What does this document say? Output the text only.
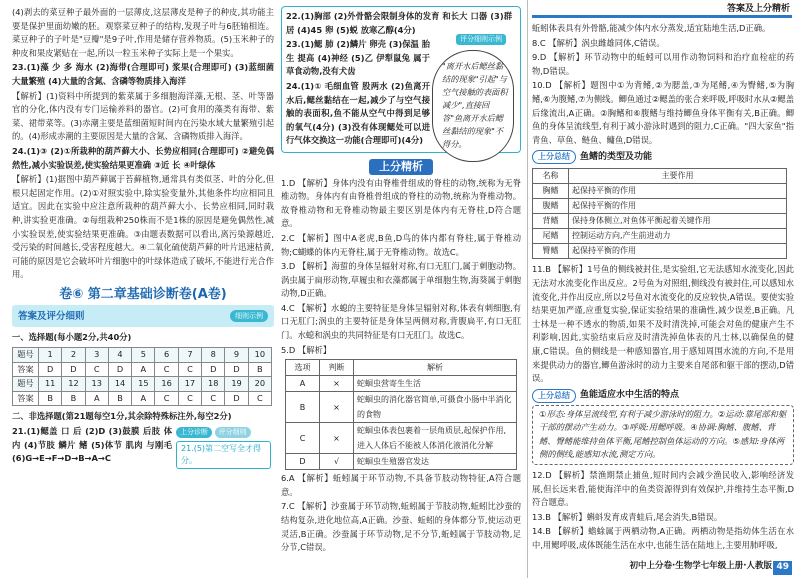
答案及上分精析

(4)剥去的菜豆种子最外面的一层薄皮,这层薄皮是种子的种皮,其功能主要是保护里面幼嫩的胚。观察菜豆种子的结构,发现子叶与6胚轴相连。菜豆种子的子叶是"豆瓣"是9子叶,作用是储存营养物质。(5)玉米种子的种皮和果皮紧贴在一起,所以一粒玉米种子实际上是一个果实。

23.(1)藻 少 多 海水 (2)海带(合理即可) 浆果(合理即可) (3)蓝细菌 大量繁殖 (4)大量的含氮、含磷等物质排入海洋

【解析】(1)资料中所提到的紫菜属于多细胞海洋藻,无根、茎、叶等器官的分化,体内没有专门运输养料的器官。(2)可食用的藻类有海带、紫菜、裙带菜等。(3)赤潮主要是蓝细菌短时间内在污染水域大量繁殖引起的。(4)形成赤潮的主要原因是大量的含氮、含磷物质排入海洋。

24.(1)③ (2)①所栽种的葫芦藓大小、长势应相同(合理即可) ②避免偶然性,减小实验误差,使实验结果更准确 ③近 长 ④叶绿体

【解析】(1)据图中葫芦藓属于苔藓植物,通常具有类似茎、叶的分化,但根只起固定作用。(2)①对照实验中,除实验变量外,其他条件均应相同且适宜。因此在实验中应注意所栽种的葫芦藓大小、长势应相同,同时栽种,讲实验更准确。②每组栽种250株而不是1株的原因是避免偶然性,减小实验误差,使实验结果更准确。③由题表数据可以看出,离污染源越近,受污染的时间越长,受害程度越大。④二氧化硫使葫芦藓的叶片迅速枯黄,可能的原因是它会破坏叶片细胞中的叶绿体造成了破坏,不能进行光合作用。

卷⑥ 第二章基础诊断卷(A卷)
答案及评分细则	细则示例

一、选择题(每小题2分,共40分)

题号	1	2	3	4	5	6	7	8	9	10
答案	D	D	C	D	A	C	C	D	D	B
题号	11	12	13	14	15	16	17	18	19	20
答案	B	B	A	B	A	C	C	C	D	C

二、非选择题(第21题每空1分,其余除特殊标注外,每空2分)

21.(1)鳃盖 口 后 (2)D (3)鼓膜 后肢 体内 (4)节肢 鳞片 鳍 (5)体节 肌肉 与刚毛 (6)G→E→F→D→B→A→C

上分诊断 评分细则
21.(5)第二空写全才得分。

22.(1)胸部 (2)外骨骼会限制身体的发育 和长大 口器 (3)群居 (4)45 卵 (5)蜕 放寒乙醇(4分)

23.(1)鳃 肺 (2)鳞片 卵壳 (3)保温 胎生 提高 (4)神经 (5)乙 伊犁鼠兔 属于草食动物,没有犬齿

24.(1)① 毛细血管 股两水 (2)鱼离开水后,鳃丝黏结在一起,减少了与空气接触的表面积,鱼不能从空气中得到足够的氧气(4分) (3)没有体现鳃处可以进行气体交换这一功能(合理即可)(4分)

评分细则示例
"离开水后鳃丝黏结的现象"引起"与空气接触的表面积减少",直接回答"鱼离开水后鳃丝黏结的现象"不得分。
上分精析

1.D 【解析】身体内没有由脊椎骨组成的脊柱的动物,统称为无脊椎动物。身体内有由脊椎骨组成的脊柱的动物,统称为脊椎动物。故脊椎动物和无脊椎动物最主要区别是体内有无脊柱,D符合题意。

2.C 【解析】图中A老虎,B鱼,D鸟的体内都有脊柱,属于脊椎动物;C蝴蝶的体内无脊柱,属于无脊椎动物。故选C。

3.D 【解析】海蜇的身体呈辐射对称,有口无肛门,属于刺胞动物。涡虫属于扁形动物,草履虫和衣藻都属于单细胞生物,海葵属于刺胞动物,D正确。

4.C 【解析】水螅的主要特征是身体呈辐射对称,体表有刺细胞,有口无肛门;涡虫的主要特征是身体呈两侧对称,背腹扁平,有口无肛门。水螅和涡虫的共同特征是有口无肛门。故选C。

5.D 【解析】

选项	判断	解析
A	×	蛇蛔虫营寄生生活
B	×	蛇蛔虫的消化器官简单,可摄食小肠中半消化的食物
C	×	蛇蛔虫体表包裹着一层角质层,起保护作用,进入人体后不能被人体消化液消化分解
D	√	蛇蛔虫生殖器官发达

6.A 【解析】蚯蚓属于环节动物,不具备节肢动物特征,A符合题意。

7.C 【解析】沙蚕属于环节动物,蚯蚓属于节肢动物,蚯蚓比沙蚕的结构复杂,进化地位高,A正确。沙蚕、蚯蚓的身体都分节,使运动更灵活,B正确。沙蚕属于环节动物,足不分节,蚯蚓属于节肢动物,足分节,C错误。

蚯蚓体表具有外骨骼,能减少体内水分蒸发,适宜陆地生活,D正确。

8.C 【解析】涡虫雌雄同体,C错误。

9.D 【解析】环节动物中的蚯蚓可以用作动物饲料和治疗血栓症的药物,D错误。

10.D 【解析】题图中①为背鳍,②为腮盖,③为尾鳍,④为臀鳍,⑤为胸鳍,⑥为腹鳍,⑦为侧线。鲫鱼通过②鳃盖的张合来呼吸,呼吸时水从②鳃盖后缘流出,A正确。②胸鳍和⑥腹鳍与维持鲫鱼身体平衡有关,B正确。鲫鱼的身体呈流线型,有利于减小游泳时遇到的阻力,C正确。"四大家鱼"指青鱼、草鱼、鲢鱼、鳙鱼,D错误。

上分总结	鱼鳍的类型及功能
名称	主要作用
胸鳍	起保持平衡的作用
腹鳍	起保持平衡的作用
背鳍	保持身体侧立,对鱼体平衡起着关键作用
尾鳍	控制运动方向,产生前进动力
臀鳍	起保持平衡的作用

11.B 【解析】1号鱼的侧线被封住,是实验组,它无法感知水流变化,因此无法对水流变化作出反应。2号鱼为对照组,侧线没有被封住,可以感知水流变化,并作出反应,所以2号鱼对水流变化的反应较快,A错误。要使实验结果更加严谨,应重复实验,保证实验结果的准确性,减少误差,B正确。凡士林是一种不透水的物质,如果不及时清洗掉,可能会对鱼的健康产生不利影响,因此,实验结束后应及时清洗掉鱼体表的凡士林,以确保鱼的健康,C错误。鱼的侧线是一种感知器官,用于感知周围水流的方向,不是用来提供动力的器官,鲫鱼游泳时的动力主要来自尾部和躯干部的摆动,D错误。

上分总结	鱼能适应水中生活的特点
①形态:身体呈流线型,有利于减少游泳时的阻力。②运动:靠尾部和躯干部的摆动产生动力。③呼吸:用鳃呼吸。④协调:胸鳍、腹鳍、背鳍、臀鳍能维持鱼体平衡,尾鳍控制鱼体运动的方向。⑤感知:身体两侧的侧线,能感知水流,测定方向。

12.D 【解析】禁渔期禁止捕鱼,短时间内会减少渔民收入,影响经济发展,但长远来看,能使海洋中的鱼类资源得到有效保护,并维持生态平衡,D符合题意。

13.B 【解析】蝌蚪发育成青蛙后,尾会消失,B错误。

14.B 【解析】蟾蜍属于两栖动物,A正确。两栖动物是指幼体生活在水中,用鳃呼吸,成体既能生活在水中,也能生活在陆地上,主要用肺呼吸,

初中上分卷·生物学七年级上册·人教版 49
